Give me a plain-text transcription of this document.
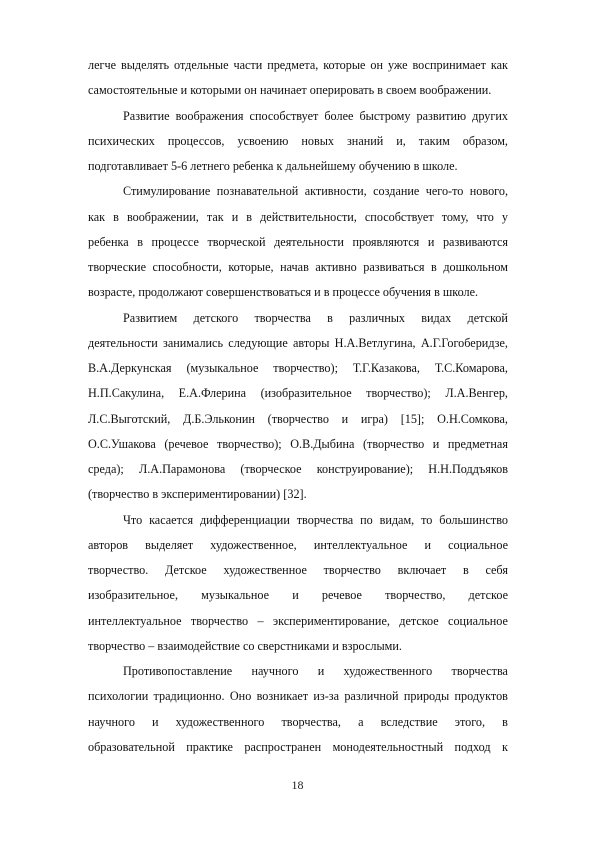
легче выделять отдельные части предмета, которые он уже воспринимает как
самостоятельные и которыми он начинает оперировать в своем воображении.
Развитие воображения способствует более быстрому развитию других
психических процессов, усвоению новых знаний и, таким образом,
подготавливает 5-6 летнего ребенка к дальнейшему обучению в школе.
Стимулирование познавательной активности, создание чего-то нового,
как в воображении, так и в действительности, способствует тому, что у
ребенка в процессе творческой деятельности проявляются и развиваются
творческие способности, которые, начав активно развиваться в дошкольном
возрасте, продолжают совершенствоваться и в процессе обучения в школе.
Развитием детского творчества в различных видах детской
деятельности занимались следующие авторы Н.А.Ветлугина, А.Г.Гогоберидзе,
В.А.Деркунская (музыкальное творчество); Т.Г.Казакова, Т.С.Комарова,
Н.П.Сакулина, Е.А.Флерина (изобразительное творчество); Л.А.Венгер,
Л.С.Выготский, Д.Б.Эльконин (творчество и игра) [15]; О.Н.Сомкова,
О.С.Ушакова (речевое творчество); О.В.Дыбина (творчество и предметная
среда); Л.А.Парамонова (творческое конструирование); Н.Н.Поддъяков
(творчество в экспериментировании) [32].
Что касается дифференциации творчества по видам, то большинство
авторов выделяет художественное, интеллектуальное и социальное
творчество. Детское художественное творчество включает в себя
изобразительное, музыкальное и речевое творчество, детское
интеллектуальное творчество – экспериментирование, детское социальное
творчество – взаимодействие со сверстниками и взрослыми.
Противопоставление научного и художественного творчества
психологии традиционно. Оно возникает из-за различной природы продуктов
научного и художественного творчества, а вследствие этого, в
образовательной практике распространен монодеятельностный подход к
18
